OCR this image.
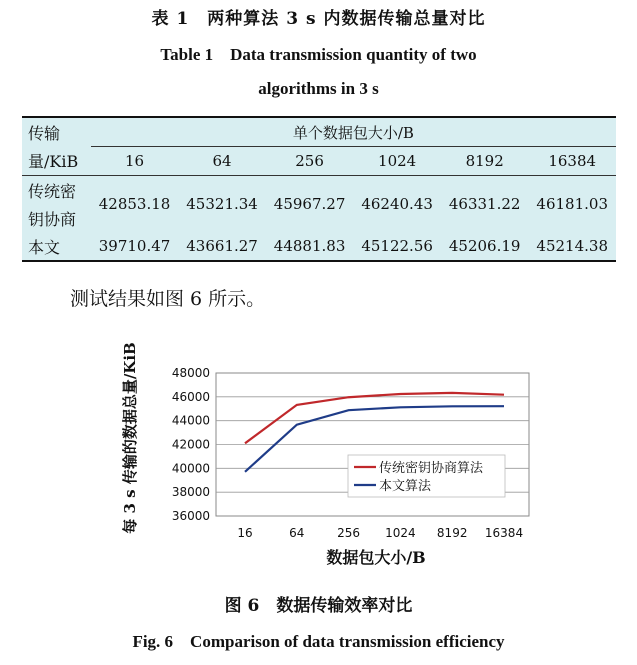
表 1　两种算法 3 s 内数据传输总量对比
Table 1　Data transmission quantity of two
algorithms in 3 s
传输	单个数据包大小/B					
量/KiB	16	64	256	1024	8192	16384
传统密	42853.18	45321.34	45967.27	46240.43	46331.22	46181.03
钥协商						
本文	39710.47	43661.27	44881.83	45122.56	45206.19	45214.38
测试结果如图 6 所示。
36000
38000
40000
42000
44000
46000
48000
16	64	256 1024 8192 16384
传统密钥协商算法
本文算法
数据包大小/B
每 3 s 传输的数据总量/KiB
图 6　数据传输效率对比
Fig. 6　Comparison of data transmission efficiency
